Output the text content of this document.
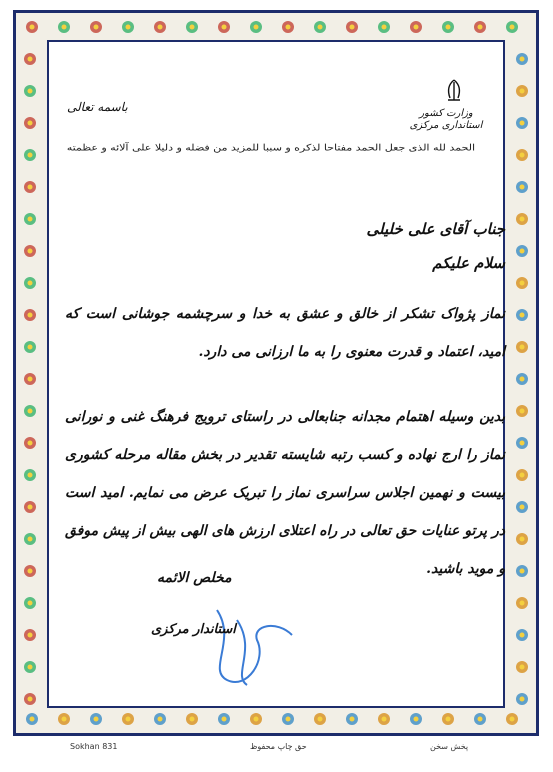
وزارت کشور
استانداری مرکزی
باسمه تعالی
الحمد لله الذی جعل الحمد مفتاحا لذکره و سببا للمزید من فضله و دلیلا علی آلائه و عظمته
جناب آقای علی خلیلی
سلام علیکم
نماز پژواک تشکر از خالق و عشق به خدا و سرچشمه جوشانی است که امید، اعتماد و قدرت معنوی را به ما ارزانی می دارد.
بدین وسیله اهتمام مجدانه جنابعالی در راستای ترویج فرهنگ غنی و نورانی نماز را ارج نهاده و کسب رتبه شایسته تقدیر در بخش مقاله مرحله کشوری بیست و نهمین اجلاس سراسری نماز را تبریک عرض می نمایم. امید است در پرتو عنایات حق تعالی در راه اعتلای ارزش های الهی بیش از پیش موفق و موید باشید.
مخلص الائمه
استاندار مرکزی
Sokhan 831	حق چاپ محفوظ	پخش سخن
